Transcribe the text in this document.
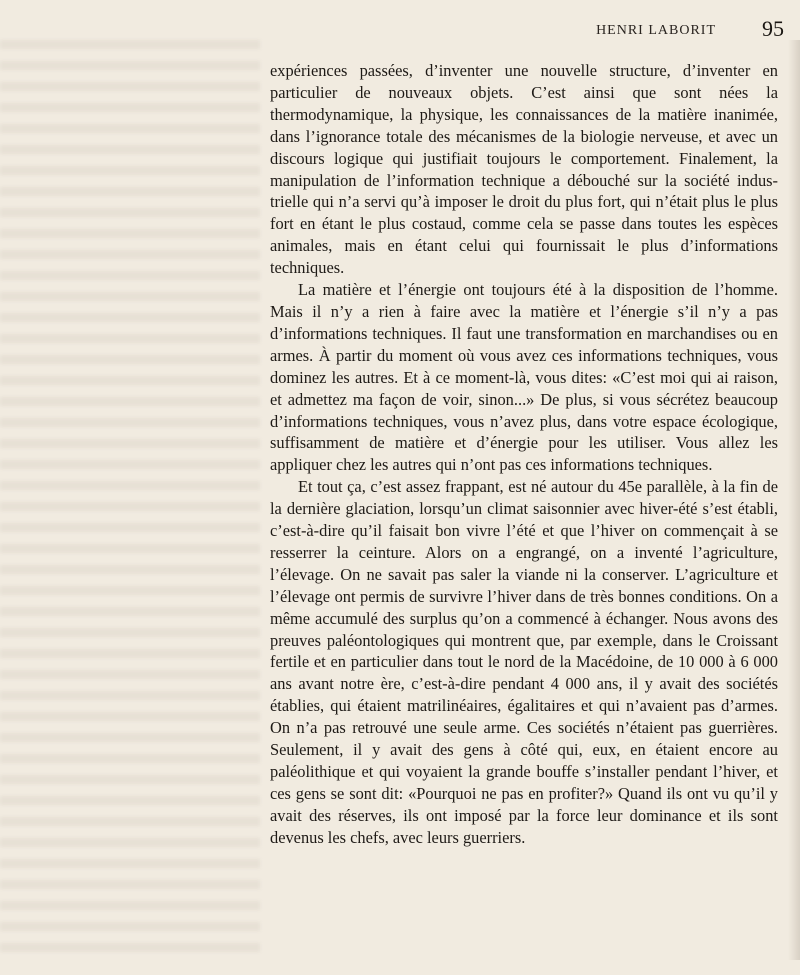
HENRI LABORIT 95

expériences passées, d’inventer une nouvelle structure, d’inventer en particulier de nouveaux objets. C’est ainsi que sont nées la thermodynamique, la physique, les connaissances de la matière inanimée, dans l’ignorance totale des mécanismes de la biologie nerveuse, et avec un discours logique qui justifiait toujours le comportement. Finalement, la manipulation de l’information technique a débouché sur la société industrielle qui n’a servi qu’à imposer le droit du plus fort, qui n’était plus le plus fort en étant le plus costaud, comme cela se passe dans toutes les espèces animales, mais en étant celui qui fournissait le plus d’informations techniques.

La matière et l’énergie ont toujours été à la disposition de l’homme. Mais il n’y a rien à faire avec la matière et l’énergie s’il n’y a pas d’informations techniques. Il faut une transformation en marchandises ou en armes. À partir du moment où vous avez ces informations techniques, vous dominez les autres. Et à ce moment-là, vous dites: «C’est moi qui ai raison, et admettez ma façon de voir, sinon...» De plus, si vous sécrétez beaucoup d’informations techniques, vous n’avez plus, dans votre espace écologique, suffisamment de matière et d’énergie pour les utiliser. Vous allez les appliquer chez les autres qui n’ont pas ces informations techniques.

Et tout ça, c’est assez frappant, est né autour du 45e parallèle, à la fin de la dernière glaciation, lorsqu’un climat saisonnier avec hiver-été s’est établi, c’est-à-dire qu’il faisait bon vivre l’été et que l’hiver on commençait à se resserrer la ceinture. Alors on a engrangé, on a inventé l’agriculture, l’élevage. On ne savait pas saler la viande ni la conserver. L’agriculture et l’élevage ont permis de survivre l’hiver dans de très bonnes conditions. On a même accumulé des surplus qu’on a commencé à échanger. Nous avons des preuves paléontologiques qui montrent que, par exemple, dans le Croissant fertile et en particulier dans tout le nord de la Macédoine, de 10 000 à 6 000 ans avant notre ère, c’est-à-dire pendant 4 000 ans, il y avait des sociétés établies, qui étaient matrilinéaires, égalitaires et qui n’avaient pas d’armes. On n’a pas retrouvé une seule arme. Ces sociétés n’étaient pas guerrières. Seulement, il y avait des gens à côté qui, eux, en étaient encore au paléolithique et qui voyaient la grande bouffe s’installer pendant l’hiver, et ces gens se sont dit: «Pourquoi ne pas en profiter?» Quand ils ont vu qu’il y avait des réserves, ils ont imposé par la force leur dominance et ils sont devenus les chefs, avec leurs guerriers.
